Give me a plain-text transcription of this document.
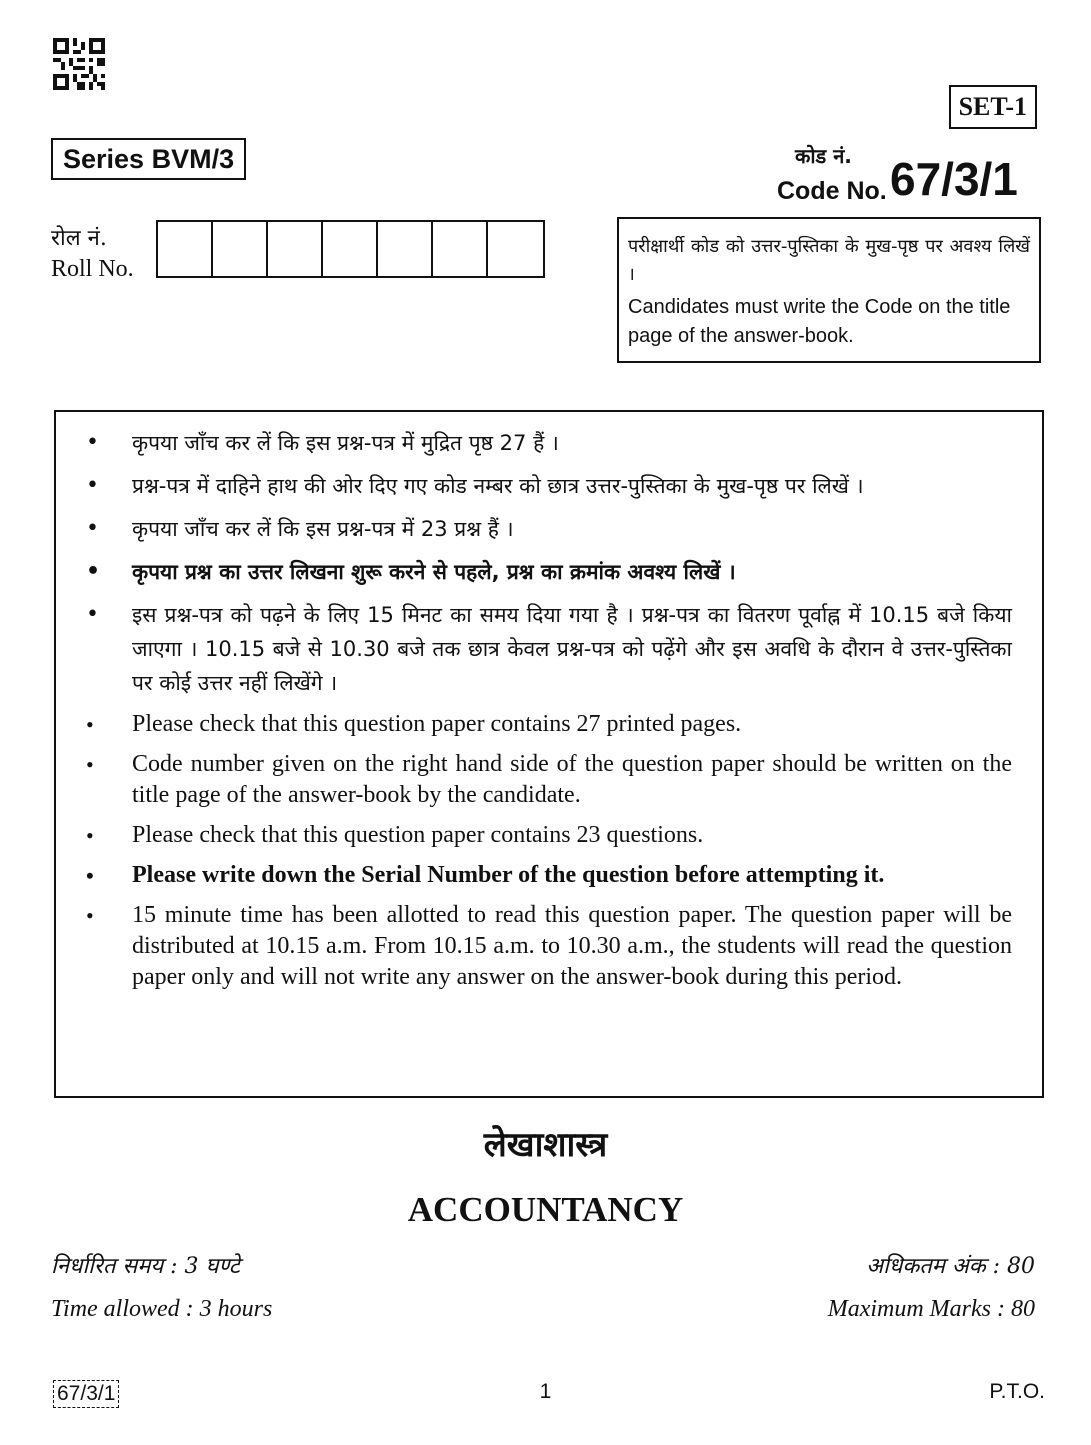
SET-1
Series BVM/3	कोड नं.
Code No. 67/3/1
रोल नं.
Roll No.
परीक्षार्थी कोड को उत्तर-पुस्तिका के मुख-पृष्ठ पर अवश्य लिखें ।
Candidates must write the Code on the title page of the answer-book.
• कृपया जाँच कर लें कि इस प्रश्न-पत्र में मुद्रित पृष्ठ 27 हैं ।
• प्रश्न-पत्र में दाहिने हाथ की ओर दिए गए कोड नम्बर को छात्र उत्तर-पुस्तिका के मुख-पृष्ठ पर लिखें ।
• कृपया जाँच कर लें कि इस प्रश्न-पत्र में 23 प्रश्न हैं ।
• कृपया प्रश्न का उत्तर लिखना शुरू करने से पहले, प्रश्न का क्रमांक अवश्य लिखें ।
• इस प्रश्न-पत्र को पढ़ने के लिए 15 मिनट का समय दिया गया है । प्रश्न-पत्र का वितरण पूर्वाह्न में 10.15 बजे किया जाएगा । 10.15 बजे से 10.30 बजे तक छात्र केवल प्रश्न-पत्र को पढ़ेंगे और इस अवधि के दौरान वे उत्तर-पुस्तिका पर कोई उत्तर नहीं लिखेंगे ।
• Please check that this question paper contains 27 printed pages.
• Code number given on the right hand side of the question paper should be written on the title page of the answer-book by the candidate.
• Please check that this question paper contains 23 questions.
• Please write down the Serial Number of the question before attempting it.
• 15 minute time has been allotted to read this question paper. The question paper will be distributed at 10.15 a.m. From 10.15 a.m. to 10.30 a.m., the students will read the question paper only and will not write any answer on the answer-book during this period.
लेखाशास्त्र
ACCOUNTANCY
निर्धारित समय : 3 घण्टे	अधिकतम अंक : 80
Time allowed : 3 hours	Maximum Marks : 80
67/3/1	1	P.T.O.
